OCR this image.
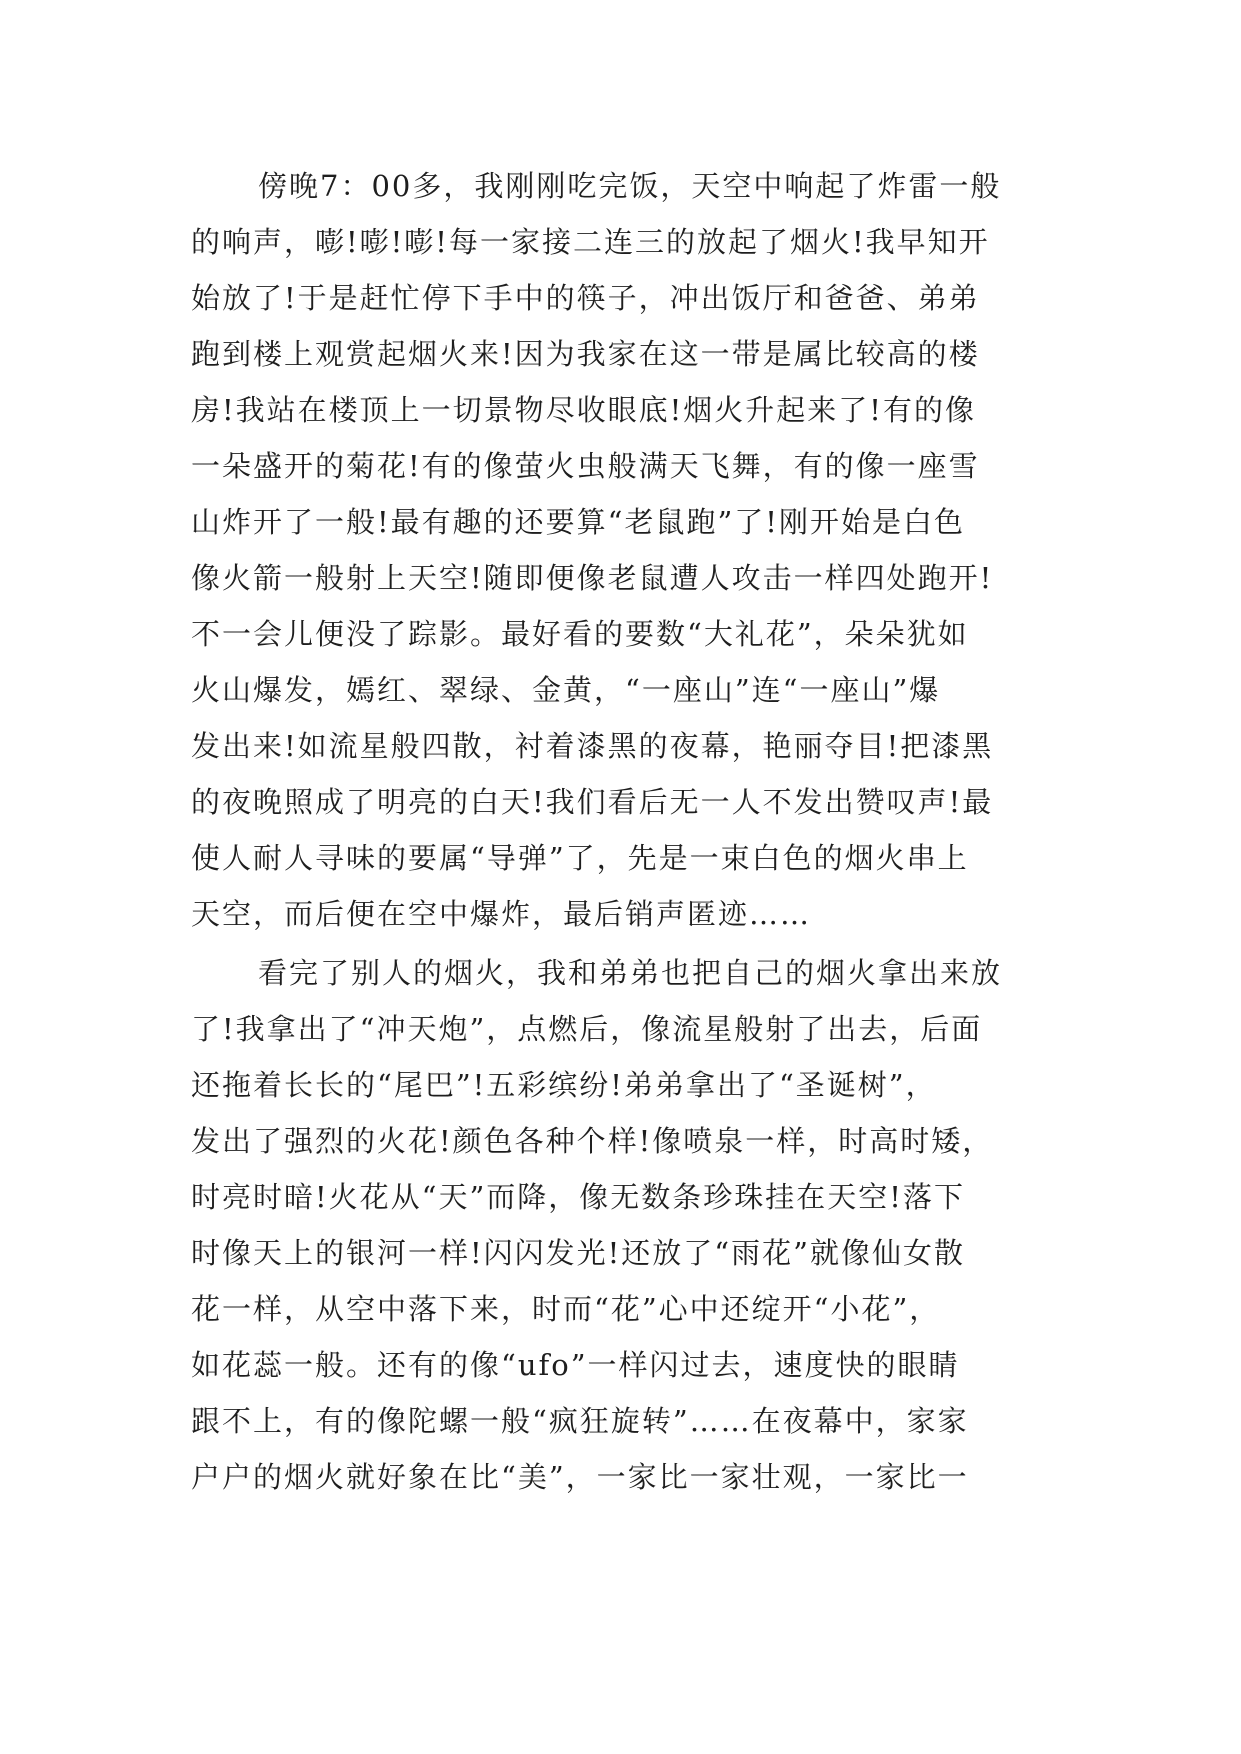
傍晚7：00多，我刚刚吃完饭，天空中响起了炸雷一般
的响声，嘭!嘭!嘭!每一家接二连三的放起了烟火!我早知开
始放了!于是赶忙停下手中的筷子，冲出饭厅和爸爸、弟弟
跑到楼上观赏起烟火来!因为我家在这一带是属比较高的楼
房!我站在楼顶上一切景物尽收眼底!烟火升起来了!有的像
一朵盛开的菊花!有的像萤火虫般满天飞舞，有的像一座雪
山炸开了一般!最有趣的还要算“老鼠跑”了!刚开始是白色
像火箭一般射上天空!随即便像老鼠遭人攻击一样四处跑开!
不一会儿便没了踪影。最好看的要数“大礼花”，朵朵犹如
火山爆发，嫣红、翠绿、金黄，“一座山”连“一座山”爆
发出来!如流星般四散，衬着漆黑的夜幕，艳丽夺目!把漆黑
的夜晚照成了明亮的白天!我们看后无一人不发出赞叹声!最
使人耐人寻味的要属“导弹”了，先是一束白色的烟火串上
天空，而后便在空中爆炸，最后销声匿迹……
看完了别人的烟火，我和弟弟也把自己的烟火拿出来放
了!我拿出了“冲天炮”，点燃后，像流星般射了出去，后面
还拖着长长的“尾巴”!五彩缤纷!弟弟拿出了“圣诞树”，
发出了强烈的火花!颜色各种个样!像喷泉一样，时高时矮，
时亮时暗!火花从“天”而降，像无数条珍珠挂在天空!落下
时像天上的银河一样!闪闪发光!还放了“雨花”就像仙女散
花一样，从空中落下来，时而“花”心中还绽开“小花”，
如花蕊一般。还有的像“ufo”一样闪过去，速度快的眼睛
跟不上，有的像陀螺一般“疯狂旋转”……在夜幕中，家家
户户的烟火就好象在比“美”，一家比一家壮观，一家比一
